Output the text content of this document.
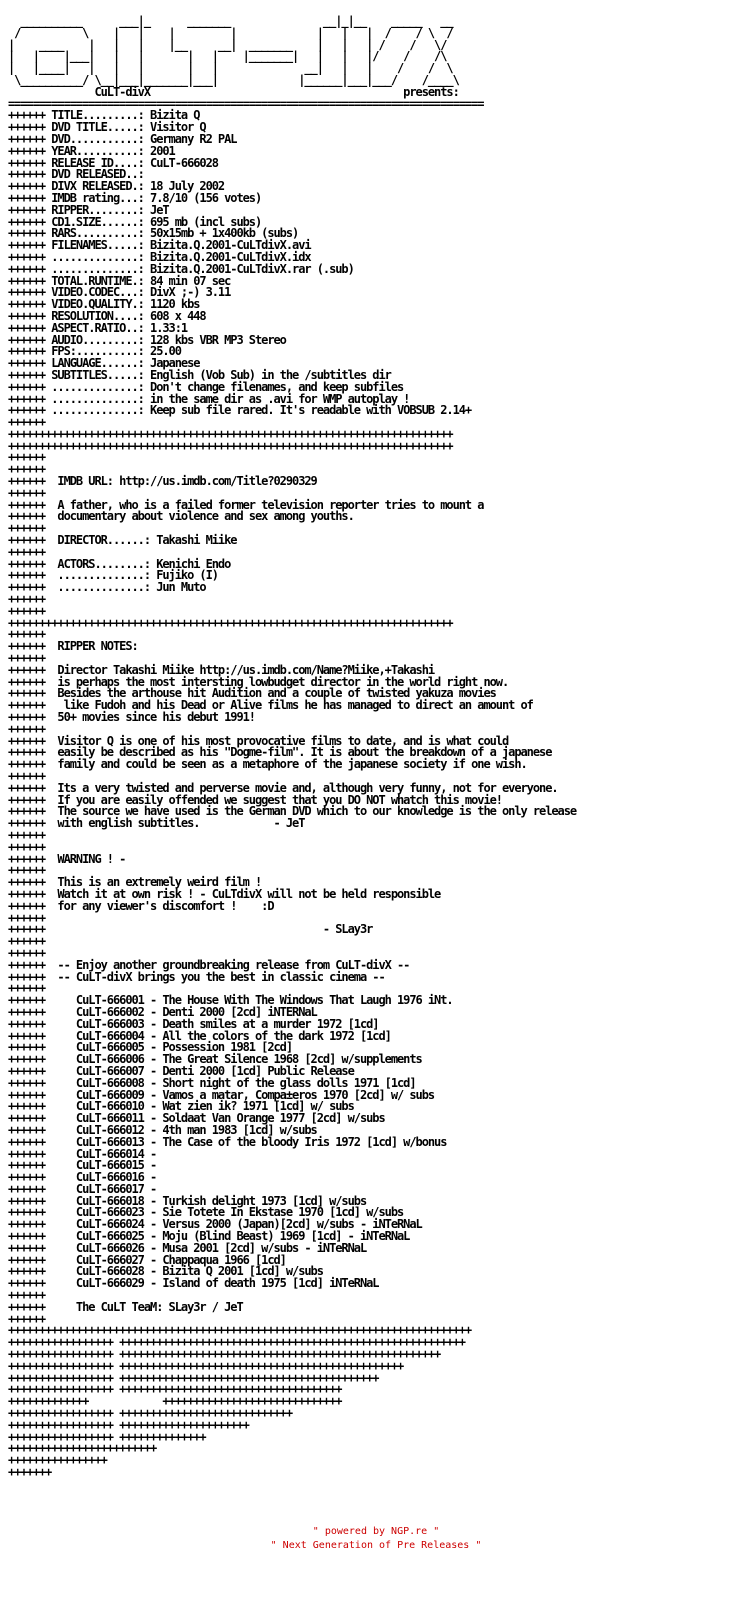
__________      ___|_      _______               __|_|__    _____   __
/          \    |   |    |         |             |   |   |  /    / \  /
|    ____    |   |   |    |__     __|  _______    |   |   | /    /   \/
|   |    |___|   |   |       |   |    |_______|   |   |   |/    /    /\
|   |____|   |   |   |       |   |              __|   |   |    /    /  \
\__________/ \__|___|_______|___|             |______|___|___/    /____\
CuLT-divX                                         presents:
=============================================================================
++++++ TITLE.........: Bizita Q
++++++ DVD TITLE.....: Visitor Q
++++++ DVD...........: Germany R2 PAL
++++++ YEAR..........: 2001
++++++ RELEASE ID....: CuLT-666028
++++++ DVD RELEASED..:
++++++ DIVX RELEASED.: 18 July 2002
++++++ IMDB rating...: 7.8/10 (156 votes)
++++++ RIPPER........: JeT
++++++ CD1.SIZE......: 695 mb (incl subs)
++++++ RARS..........: 50x15mb + 1x400kb (subs)
++++++ FILENAMES.....: Bizita.Q.2001-CuLTdivX.avi
++++++ ..............: Bizita.Q.2001-CuLTdivX.idx
++++++ ..............: Bizita.Q.2001-CuLTdivX.rar (.sub)
++++++ TOTAL.RUNTIME.: 84 min 07 sec
++++++ VIDEO.CODEC...: DivX ;-) 3.11
++++++ VIDEO.QUALITY.: 1120 kbs
++++++ RESOLUTION....: 608 x 448
++++++ ASPECT.RATIO..: 1.33:1
++++++ AUDIO.........: 128 kbs VBR MP3 Stereo
++++++ FPS:..........: 25.00
++++++ LANGUAGE......: Japanese
++++++ SUBTITLES.....: English (Vob Sub) in the /subtitles dir
++++++ ..............: Don't change filenames, and keep subfiles
++++++ ..............: in the same dir as .avi for WMP autoplay !
++++++ ..............: Keep sub file rared. It's readable with VOBSUB 2.14+
++++++
++++++++++++++++++++++++++++++++++++++++++++++++++++++++++++++++++++++++
++++++++++++++++++++++++++++++++++++++++++++++++++++++++++++++++++++++++
++++++
++++++
++++++  IMDB URL: http://us.imdb.com/Title?0290329
++++++
++++++  A father, who is a failed former television reporter tries to mount a
++++++  documentary about violence and sex among youths.
++++++
++++++  DIRECTOR......: Takashi Miike
++++++
++++++  ACTORS........: Kenichi Endo
++++++  ..............: Fujiko (I)
++++++  ..............: Jun Muto
++++++
++++++
++++++++++++++++++++++++++++++++++++++++++++++++++++++++++++++++++++++++
++++++
++++++  RIPPER NOTES:
++++++
++++++  Director Takashi Miike http://us.imdb.com/Name?Miike,+Takashi
++++++  is perhaps the most intersting lowbudget director in the world right now.
++++++  Besides the arthouse hit Audition and a couple of twisted yakuza movies
++++++   like Fudoh and his Dead or Alive films he has managed to direct an amount of
++++++  50+ movies since his debut 1991!
++++++
++++++  Visitor Q is one of his most provocative films to date, and is what could
++++++  easily be described as his "Dogme-film". It is about the breakdown of a japanese
++++++  family and could be seen as a metaphore of the japanese society if one wish.
++++++
++++++  Its a very twisted and perverse movie and, although very funny, not for everyone.
++++++  If you are easily offended we suggest that you DO NOT whatch this movie!
++++++  The source we have used is the German DVD which to our knowledge is the only release
++++++  with english subtitles.            - JeT
++++++
++++++
++++++  WARNING ! -
++++++
++++++  This is an extremely weird film !
++++++  Watch it at own risk ! - CuLTdivX will not be held responsible
++++++  for any viewer's discomfort !    :D
++++++
++++++                                             - SLay3r
++++++
++++++
++++++  -- Enjoy another groundbreaking release from CuLT-divX --
++++++  -- CuLT-divX brings you the best in classic cinema --
++++++
++++++     CuLT-666001 - The House With The Windows That Laugh 1976 iNt.
++++++     CuLT-666002 - Denti 2000 [2cd] iNTERNaL
++++++     CuLT-666003 - Death smiles at a murder 1972 [1cd]
++++++     CuLT-666004 - All the colors of the dark 1972 [1cd]
++++++     CuLT-666005 - Possession 1981 [2cd]
++++++     CuLT-666006 - The Great Silence 1968 [2cd] w/supplements
++++++     CuLT-666007 - Denti 2000 [1cd] Public Release
++++++     CuLT-666008 - Short night of the glass dolls 1971 [1cd]
++++++     CuLT-666009 - Vamos a matar, Compa±eros 1970 [2cd] w/ subs
++++++     CuLT-666010 - Wat zien ik? 1971 [1cd] w/ subs
++++++     CuLT-666011 - Soldaat Van Orange 1977 [2cd] w/subs
++++++     CuLT-666012 - 4th man 1983 [1cd] w/subs
++++++     CuLT-666013 - The Case of the bloody Iris 1972 [1cd] w/bonus
++++++     CuLT-666014 -
++++++     CuLT-666015 -
++++++     CuLT-666016 -
++++++     CuLT-666017 -
++++++     CuLT-666018 - Turkish delight 1973 [1cd] w/subs
++++++     CuLT-666023 - Sie Totete In Ekstase 1970 [1cd] w/subs
++++++     CuLT-666024 - Versus 2000 (Japan)[2cd] w/subs - iNTeRNaL
++++++     CuLT-666025 - Moju (Blind Beast) 1969 [1cd] - iNTeRNaL
++++++     CuLT-666026 - Musa 2001 [2cd] w/subs - iNTeRNaL
++++++     CuLT-666027 - Chappaqua 1966 [1cd]
++++++     CuLT-666028 - Bizita Q 2001 [1cd] w/subs
++++++     CuLT-666029 - Island of death 1975 [1cd] iNTeRNaL
++++++
++++++     The CuLT TeaM: SLay3r / JeT
++++++
+++++++++++++++++++++++++++++++++++++++++++++++++++++++++++++++++++++++++++
+++++++++++++++++ ++++++++++++++++++++++++++++++++++++++++++++++++++++++++
+++++++++++++++++ ++++++++++++++++++++++++++++++++++++++++++++++++++++
+++++++++++++++++ ++++++++++++++++++++++++++++++++++++++++++++++
+++++++++++++++++ ++++++++++++++++++++++++++++++++++++++++++
+++++++++++++++++ ++++++++++++++++++++++++++++++++++++
+++++++++++++            +++++++++++++++++++++++++++++
+++++++++++++++++ ++++++++++++++++++++++++++++
+++++++++++++++++ +++++++++++++++++++++
+++++++++++++++++ ++++++++++++++
++++++++++++++++++++++++
++++++++++++++++
+++++++
" powered by NGP.re "
" Next Generation of Pre Releases "
